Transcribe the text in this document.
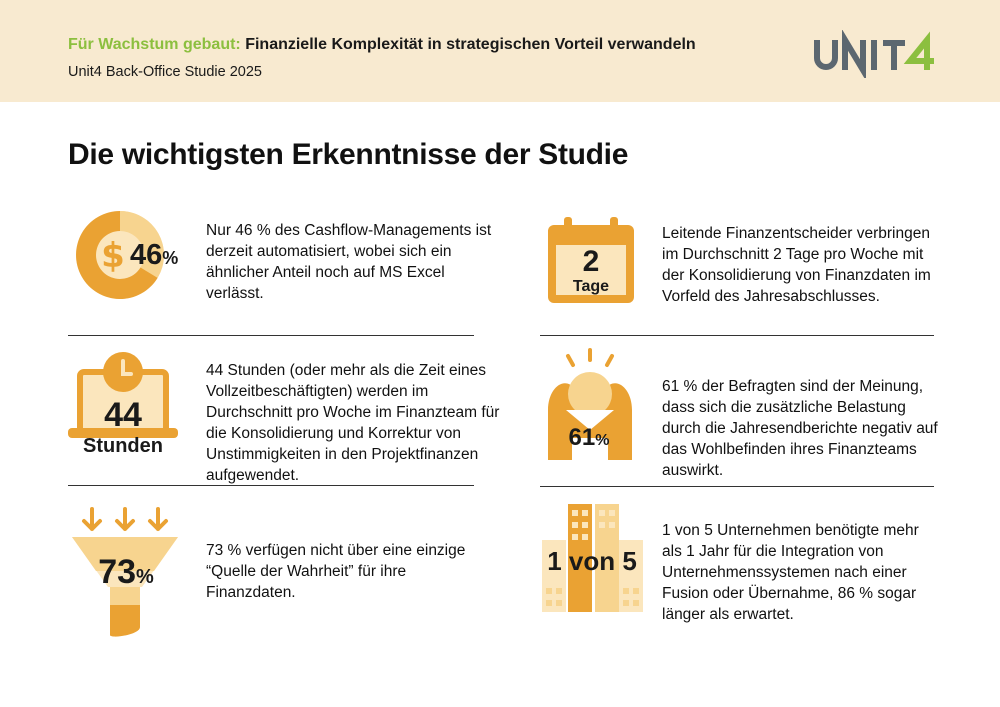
Für Wachstum gebaut: Finanzielle Komplexität in strategischen Vorteil verwandeln
Unit4 Back-Office Studie 2025
Die wichtigsten Erkenntnisse der Studie
$ 46%
Nur 46 % des Cashflow-Managements ist derzeit automatisiert, wobei sich ein ähnlicher Anteil noch auf MS Excel verlässt.
2
Tage
Leitende Finanzentscheider verbringen im Durchschnitt 2 Tage pro Woche mit der Konsolidierung von Finanzdaten im Vorfeld des Jahresabschlusses.
44
Stunden
44 Stunden (oder mehr als die Zeit eines Vollzeitbeschäftigten) werden im Durchschnitt pro Woche im Finanzteam für die Konsolidierung und Korrektur von Unstimmigkeiten in den Projektfinanzen aufgewendet.
61%
61 % der Befragten sind der Meinung, dass sich die zusätzliche Belastung durch die Jahresendberichte negativ auf das Wohlbefinden ihres Finanzteams auswirkt.
73%
73 % verfügen nicht über eine einzige “Quelle der Wahrheit” für ihre Finanzdaten.
1 von 5
1 von 5 Unternehmen benötigte mehr als 1 Jahr für die Integration von Unternehmenssystemen nach einer Fusion oder Übernahme, 86 % sogar länger als erwartet.
